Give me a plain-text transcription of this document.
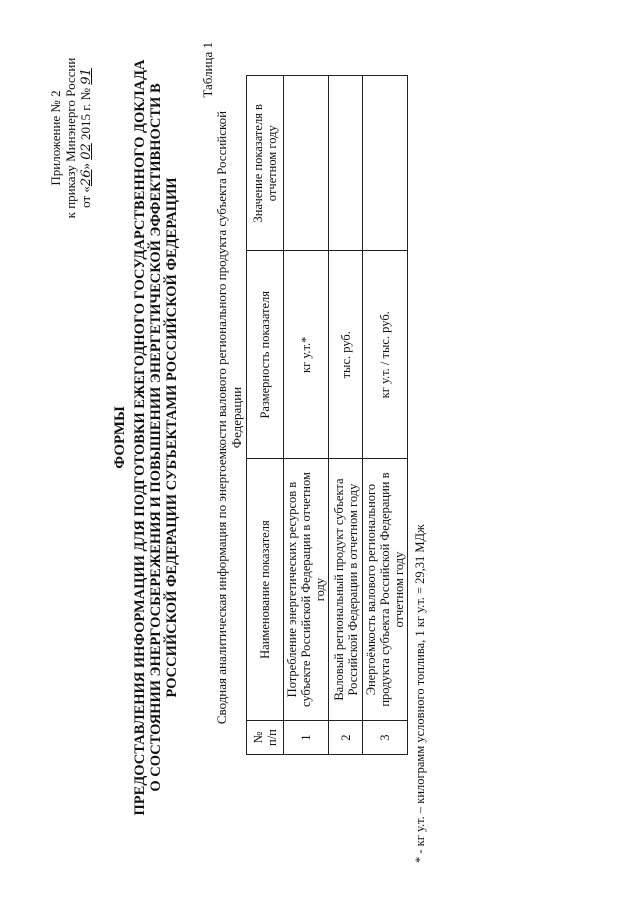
Приложение № 2 к приказу Минэнерго России от «26» 02 2015 г. № 91
ФОРМЫ ПРЕДОСТАВЛЕНИЯ ИНФОРМАЦИИ ДЛЯ ПОДГОТОВКИ ЕЖЕГОДНОГО ГОСУДАРСТВЕННОГО ДОКЛАДА О СОСТОЯНИИ ЭНЕРГОСБЕРЕЖЕНИЯ И ПОВЫШЕНИИ ЭНЕРГЕТИЧЕСКОЙ ЭФФЕКТИВНОСТИ В РОССИЙСКОЙ ФЕДЕРАЦИИ СУБЪЕКТАМИ РОССИЙСКОЙ ФЕДЕРАЦИИ
Таблица 1
Сводная аналитическая информация по энергоемкости валового регионального продукта субъекта Российской Федерации
№ п/п	Наименование показателя	Размерность показателя	Значение показателя в отчетном году
1	Потребление энергетических ресурсов в субъекте Российской Федерации в отчетном году	кг у.т.*	
2	Валовый региональный продукт субъекта Российской Федерации в отчетном году	тыс. руб.	
3	Энергоёмкость валового регионального продукта субъекта Российской Федерации в отчетном году	кг у.т. / тыс. руб.	
* - кг у.т. – килограмм условного топлива, 1 кг у.т. = 29,31 МДж
